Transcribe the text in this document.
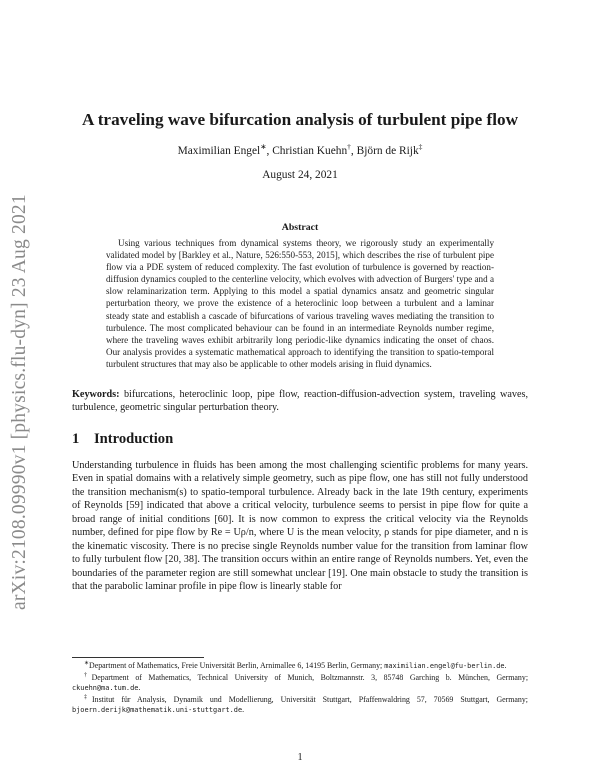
arXiv:2108.09990v1 [physics.flu-dyn] 23 Aug 2021
A traveling wave bifurcation analysis of turbulent pipe flow
Maximilian Engel∗, Christian Kuehn†, Björn de Rijk‡
August 24, 2021
Abstract

Using various techniques from dynamical systems theory, we rigorously study an experimentally validated model by [Barkley et al., Nature, 526:550-553, 2015], which describes the rise of turbulent pipe flow via a PDE system of reduced complexity. The fast evolution of turbulence is governed by reaction-diffusion dynamics coupled to the centerline velocity, which evolves with advection of Burgers' type and a slow relaminarization term. Applying to this model a spatial dynamics ansatz and geometric singular perturbation theory, we prove the existence of a heteroclinic loop between a turbulent and a laminar steady state and establish a cascade of bifurcations of various traveling waves mediating the transition to turbulence. The most complicated behaviour can be found in an intermediate Reynolds number regime, where the traveling waves exhibit arbitrarily long periodic-like dynamics indicating the onset of chaos. Our analysis provides a systematic mathematical approach to identifying the transition to spatio-temporal turbulent structures that may also be applicable to other models arising in fluid dynamics.

Keywords: bifurcations, heteroclinic loop, pipe flow, reaction-diffusion-advection system, traveling waves, turbulence, geometric singular perturbation theory.

1 Introduction

Understanding turbulence in fluids has been among the most challenging scientific problems for many years. Even in spatial domains with a relatively simple geometry, such as pipe flow, one has still not fully understood the transition mechanism(s) to spatio-temporal turbulence. Already back in the late 19th century, experiments of Reynolds [59] indicated that above a critical velocity, turbulence seems to persist in pipe flow for quite a broad range of initial conditions [60]. It is now common to express the critical velocity via the Reynolds number, defined for pipe flow by Re = Uρ/n, where U is the mean velocity, ρ stands for pipe diameter, and n is the kinematic viscosity. There is no precise single Reynolds number value for the transition from laminar flow to fully turbulent flow [20, 38]. The transition occurs within an entire range of Reynolds numbers. Yet, even the boundaries of the parameter region are still somewhat unclear [19]. One main obstacle to study the transition is that the parabolic laminar profile in pipe flow is linearly stable for

∗Department of Mathematics, Freie Universität Berlin, Arnimallee 6, 14195 Berlin, Germany; maximilian.engel@fu-berlin.de.

†Department of Mathematics, Technical University of Munich, Boltzmannstr. 3, 85748 Garching b. München, Germany; ckuehn@ma.tum.de.

‡Institut für Analysis, Dynamik und Modellierung, Universität Stuttgart, Pfaffenwaldring 57, 70569 Stuttgart, Germany; bjoern.derijk@mathematik.uni-stuttgart.de.

1
